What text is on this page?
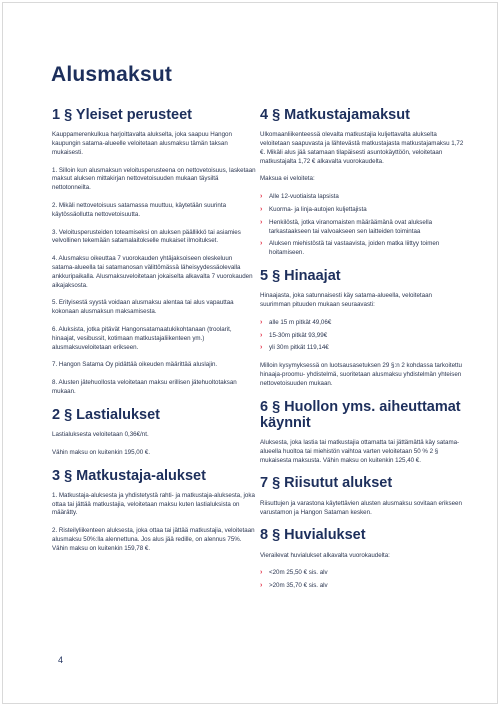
Alusmaksut
1 § Yleiset perusteet

Kauppamerenkulkua harjoittavalta alukselta, joka saapuu Hangon kaupungin satama-alueelle veloitetaan alusmaksu tämän taksan mukaisesti.

1. Silloin kun alusmaksun veloitusperusteena on nettovetoisuus, lasketaan maksut aluksen mittakirjan nettovetoisuuden mukaan täysiltä nettotonneilta.

2. Mikäli nettovetoisuus satamassa muuttuu, käytetään suurinta käytössäollutta nettovetoisuutta.

3. Veloitusperusteiden toteamiseksi on aluksen päällikkö tai asiamies velvollinen tekemään satamalaitokselle mukaiset ilmoitukset.

4. Alusmaksu oikeuttaa 7 vuorokauden yhtäjaksoiseen oleskeluun satama-alueella tai satamanosan välittömässä läheisyydessäolevalla ankkuripaikalla. Alusmaksuveloitetaan jokaiselta alkavalta 7 vuorokauden aikajaksosta.

5. Erityisestä syystä voidaan alusmaksu alentaa tai alus vapauttaa kokonaan alusmaksun maksamisesta.

6. Aluksista, jotka pitävät Hangonsatamaatukikohtanaan (troolarit, hinaajat, vesibussit, kotimaan matkustajaliikenteen ym.) alusmaksuveloitetaan erikseen.

7. Hangon Satama Oy pidättää oikeuden määrittää aluslajin.

8. Alusten jätehuollosta veloitetaan maksu erillisen jätehuoltotaksan mukaan.

2 § Lastialukset

Lastialuksesta veloitetaan 0,36€/nt.

Vähin maksu on kuitenkin 195,00 €.

3 § Matkustaja-alukset

1. Matkustaja-aluksesta ja yhdistetystä rahti- ja matkustaja-aluksesta, joka ottaa tai jättää matkustajia, veloitetaan maksu kuten lastialuksista on määrätty.

2. Risteilyliikenteen aluksesta, joka ottaa tai jättää matkustajia, veloitetaan alusmaksu 50%:lla alennettuna. Jos alus jää redille, on alennus 75%. Vähin maksu on kuitenkin 159,78 €.

4 § Matkustajamaksut

Ulkomaanliikenteessä olevalta matkustajia kuljettavalta alukselta veloitetaan saapuvasta ja lähtevästä matkustajasta matkustajamaksu 1,72 €. Mikäli alus jää satamaan tilapäisesti asuntokäyttöön, veloitetaan matkustajalta 1,72 € alkavalta vuorokaudelta.

Maksua ei veloiteta:

› Alle 12-vuotiaista lapsista
› Kuorma- ja linja-autojen kuljettajista
› Henkilöstä, jotka viranomaisten määräämänä ovat aluksella tarkastaakseen tai valvoakseen sen laitteiden toimintaa
› Aluksen miehistöstä tai vastaavista, joiden matka liittyy toimen hoitamiseen.
5 § Hinaajat

Hinaajasta, joka satunnaisesti käy satama-alueella, veloitetaan suurimman pituuden mukaan seuraavasti:

› alle 15 m pitkät 49,06€
› 15-30m pitkät 93,99€
› yli 30m pitkät 119,14€

Milloin kysymyksessä on luotsausasetuksen 29 §:n 2 kohdassa tarkoitettu hinaaja-proomu- yhdistelmä, suoritetaan alusmaksu yhdistelmän yhteisen nettovetoisuuden mukaan.

6 § Huollon yms. aiheuttamat käynnit

Aluksesta, joka lastia tai matkustajia ottamatta tai jättämättä käy satama-alueella huoltoa tai miehistön vaihtoa varten veloitetaan 50 % 2 § mukaisesta maksusta. Vähin maksu on kuitenkin 125,40 €.

7 § Riisutut alukset

Riisuttujen ja varastona käytettävien alusten alusmaksu sovitaan erikseen varustamon ja Hangon Sataman kesken.

8 § Huvialukset

Vierailevat huvialukset alkavalta vuorokaudelta:

› <20m 25,50 € sis. alv
› >20m 35,70 € sis. alv
4
